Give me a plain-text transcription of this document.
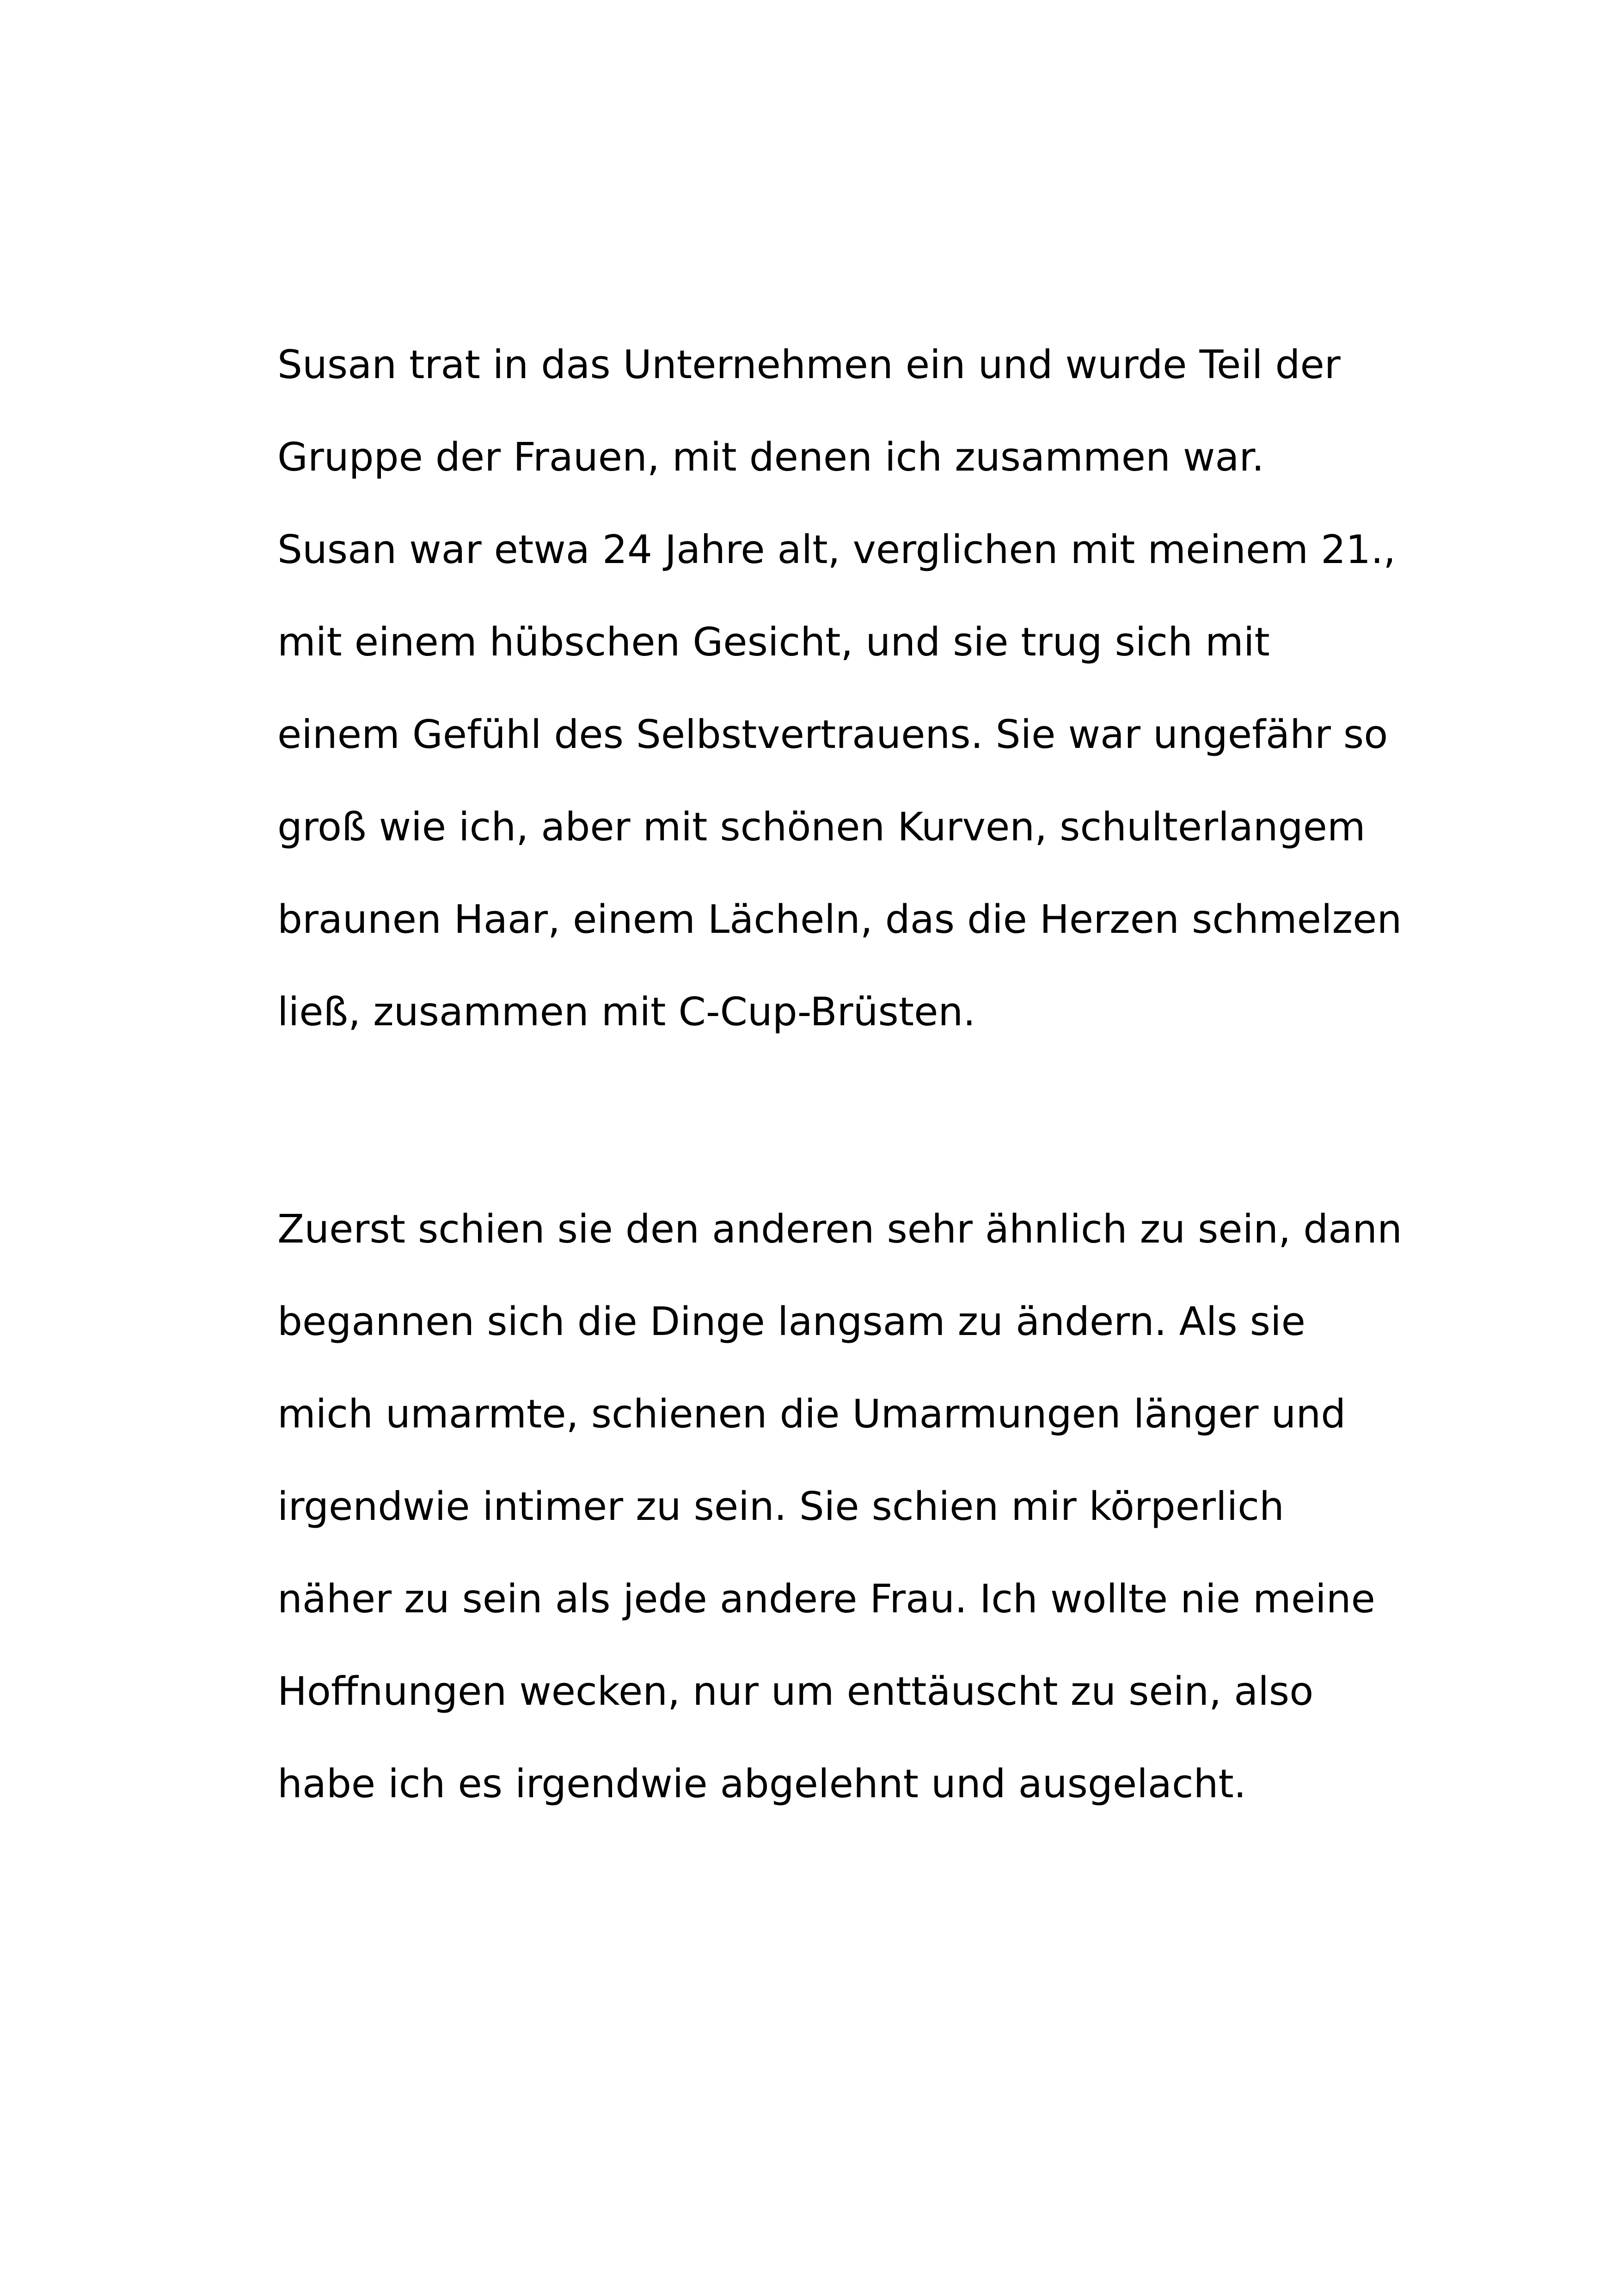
Susan trat in das Unternehmen ein und wurde Teil der
Gruppe der Frauen, mit denen ich zusammen war.
Susan war etwa 24 Jahre alt, verglichen mit meinem 21.,
mit einem hübschen Gesicht, und sie trug sich mit
einem Gefühl des Selbstvertrauens. Sie war ungefähr so
groß wie ich, aber mit schönen Kurven, schulterlangem
braunen Haar, einem Lächeln, das die Herzen schmelzen
ließ, zusammen mit C-Cup-Brüsten.

Zuerst schien sie den anderen sehr ähnlich zu sein, dann
begannen sich die Dinge langsam zu ändern. Als sie
mich umarmte, schienen die Umarmungen länger und
irgendwie intimer zu sein. Sie schien mir körperlich
näher zu sein als jede andere Frau. Ich wollte nie meine
Hoffnungen wecken, nur um enttäuscht zu sein, also
habe ich es irgendwie abgelehnt und ausgelacht.
